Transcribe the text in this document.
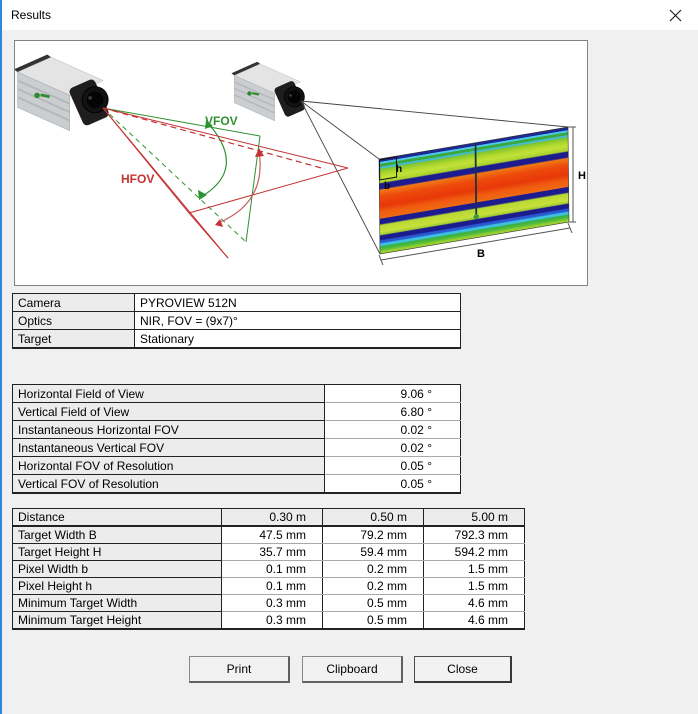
Results
VFOV
HFOV
h
b
H
B
Camera	PYROVIEW 512N
Optics	NIR, FOV = (9x7)°
Target	Stationary
Horizontal Field of View	9.06 °
Vertical Field of View	6.80 °
Instantaneous Horizontal FOV	0.02 °
Instantaneous Vertical FOV	0.02 °
Horizontal FOV of Resolution	0.05 °
Vertical FOV of Resolution	0.05 °
Distance	0.30 m	0.50 m	5.00 m
Target Width B	47.5 mm	79.2 mm	792.3 mm
Target Height H	35.7 mm	59.4 mm	594.2 mm
Pixel Width b	0.1 mm	0.2 mm	1.5 mm
Pixel Height h	0.1 mm	0.2 mm	1.5 mm
Minimum Target Width	0.3 mm	0.5 mm	4.6 mm
Minimum Target Height	0.3 mm	0.5 mm	4.6 mm
Print	Clipboard	Close
